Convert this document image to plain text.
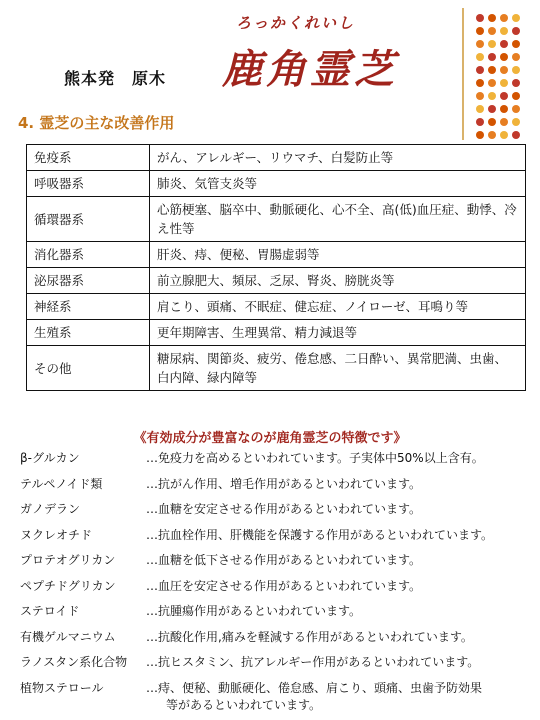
ろっかくれいし
熊本発　原木 鹿角霊芝
4. 霊芝の主な改善作用
免疫系	がん、アレルギー、リウマチ、白髪防止等
呼吸器系	肺炎、気管支炎等
循環器系	心筋梗塞、脳卒中、動脈硬化、心不全、高(低)血圧症、動悸、冷え性等
消化器系	肝炎、痔、便秘、胃腸虚弱等
泌尿器系	前立腺肥大、頻尿、乏尿、腎炎、膀胱炎等
神経系	肩こり、頭痛、不眠症、健忘症、ノイローゼ、耳鳴り等
生殖系	更年期障害、生理異常、精力減退等
その他	糖尿病、関節炎、疲労、倦怠感、二日酔い、異常肥満、虫歯、白内障、緑内障等
《有効成分が豊富なのが鹿角霊芝の特徴です》
β-グルカン	…免疫力を高めるといわれています。子実体中50%以上含有。
テルペノイド類	…抗がん作用、増毛作用があるといわれています。
ガノデラン	…血糖を安定させる作用があるといわれています。
ヌクレオチド	…抗血栓作用、肝機能を保護する作用があるといわれています。
プロテオグリカン	…血糖を低下させる作用があるといわれています。
ペプチドグリカン	…血圧を安定させる作用があるといわれています。
ステロイド	…抗腫瘍作用があるといわれています。
有機ゲルマニウム	…抗酸化作用,痛みを軽減する作用があるといわれています。
ラノスタン系化合物	…抗ヒスタミン、抗アレルギー作用があるといわれています。
植物ステロール	…痔、便秘、動脈硬化、倦怠感、肩こり、頭痛、虫歯予防効果
等があるといわれています。
